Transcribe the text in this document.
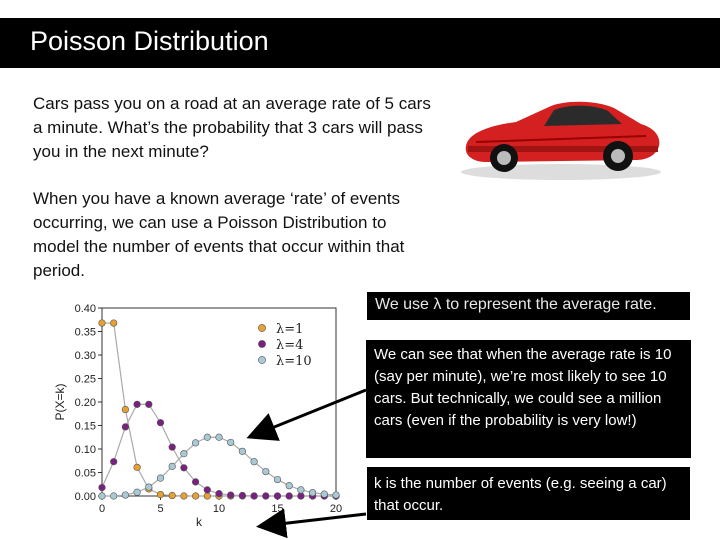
Poisson Distribution
Cars pass you on a road at an average rate of 5 cars a minute. What’s the probability that 3 cars will pass you in the next minute?
When you have a known average ‘rate’ of events occurring, we can use a Poisson Distribution to model the number of events that occur within that period.
0.00
0.05
0.10
0.15
0.20
0.25
0.30
0.35
0.40
0	5	10	15	20
k
P(X=k)
λ=1
λ=4
λ=10
We use λ to represent the average rate.
We can see that when the average rate is 10 (say per minute), we’re most likely to see 10 cars. But technically, we could see a million cars (even if the probability is very low!)
k is the number of events (e.g. seeing a car) that occur.
